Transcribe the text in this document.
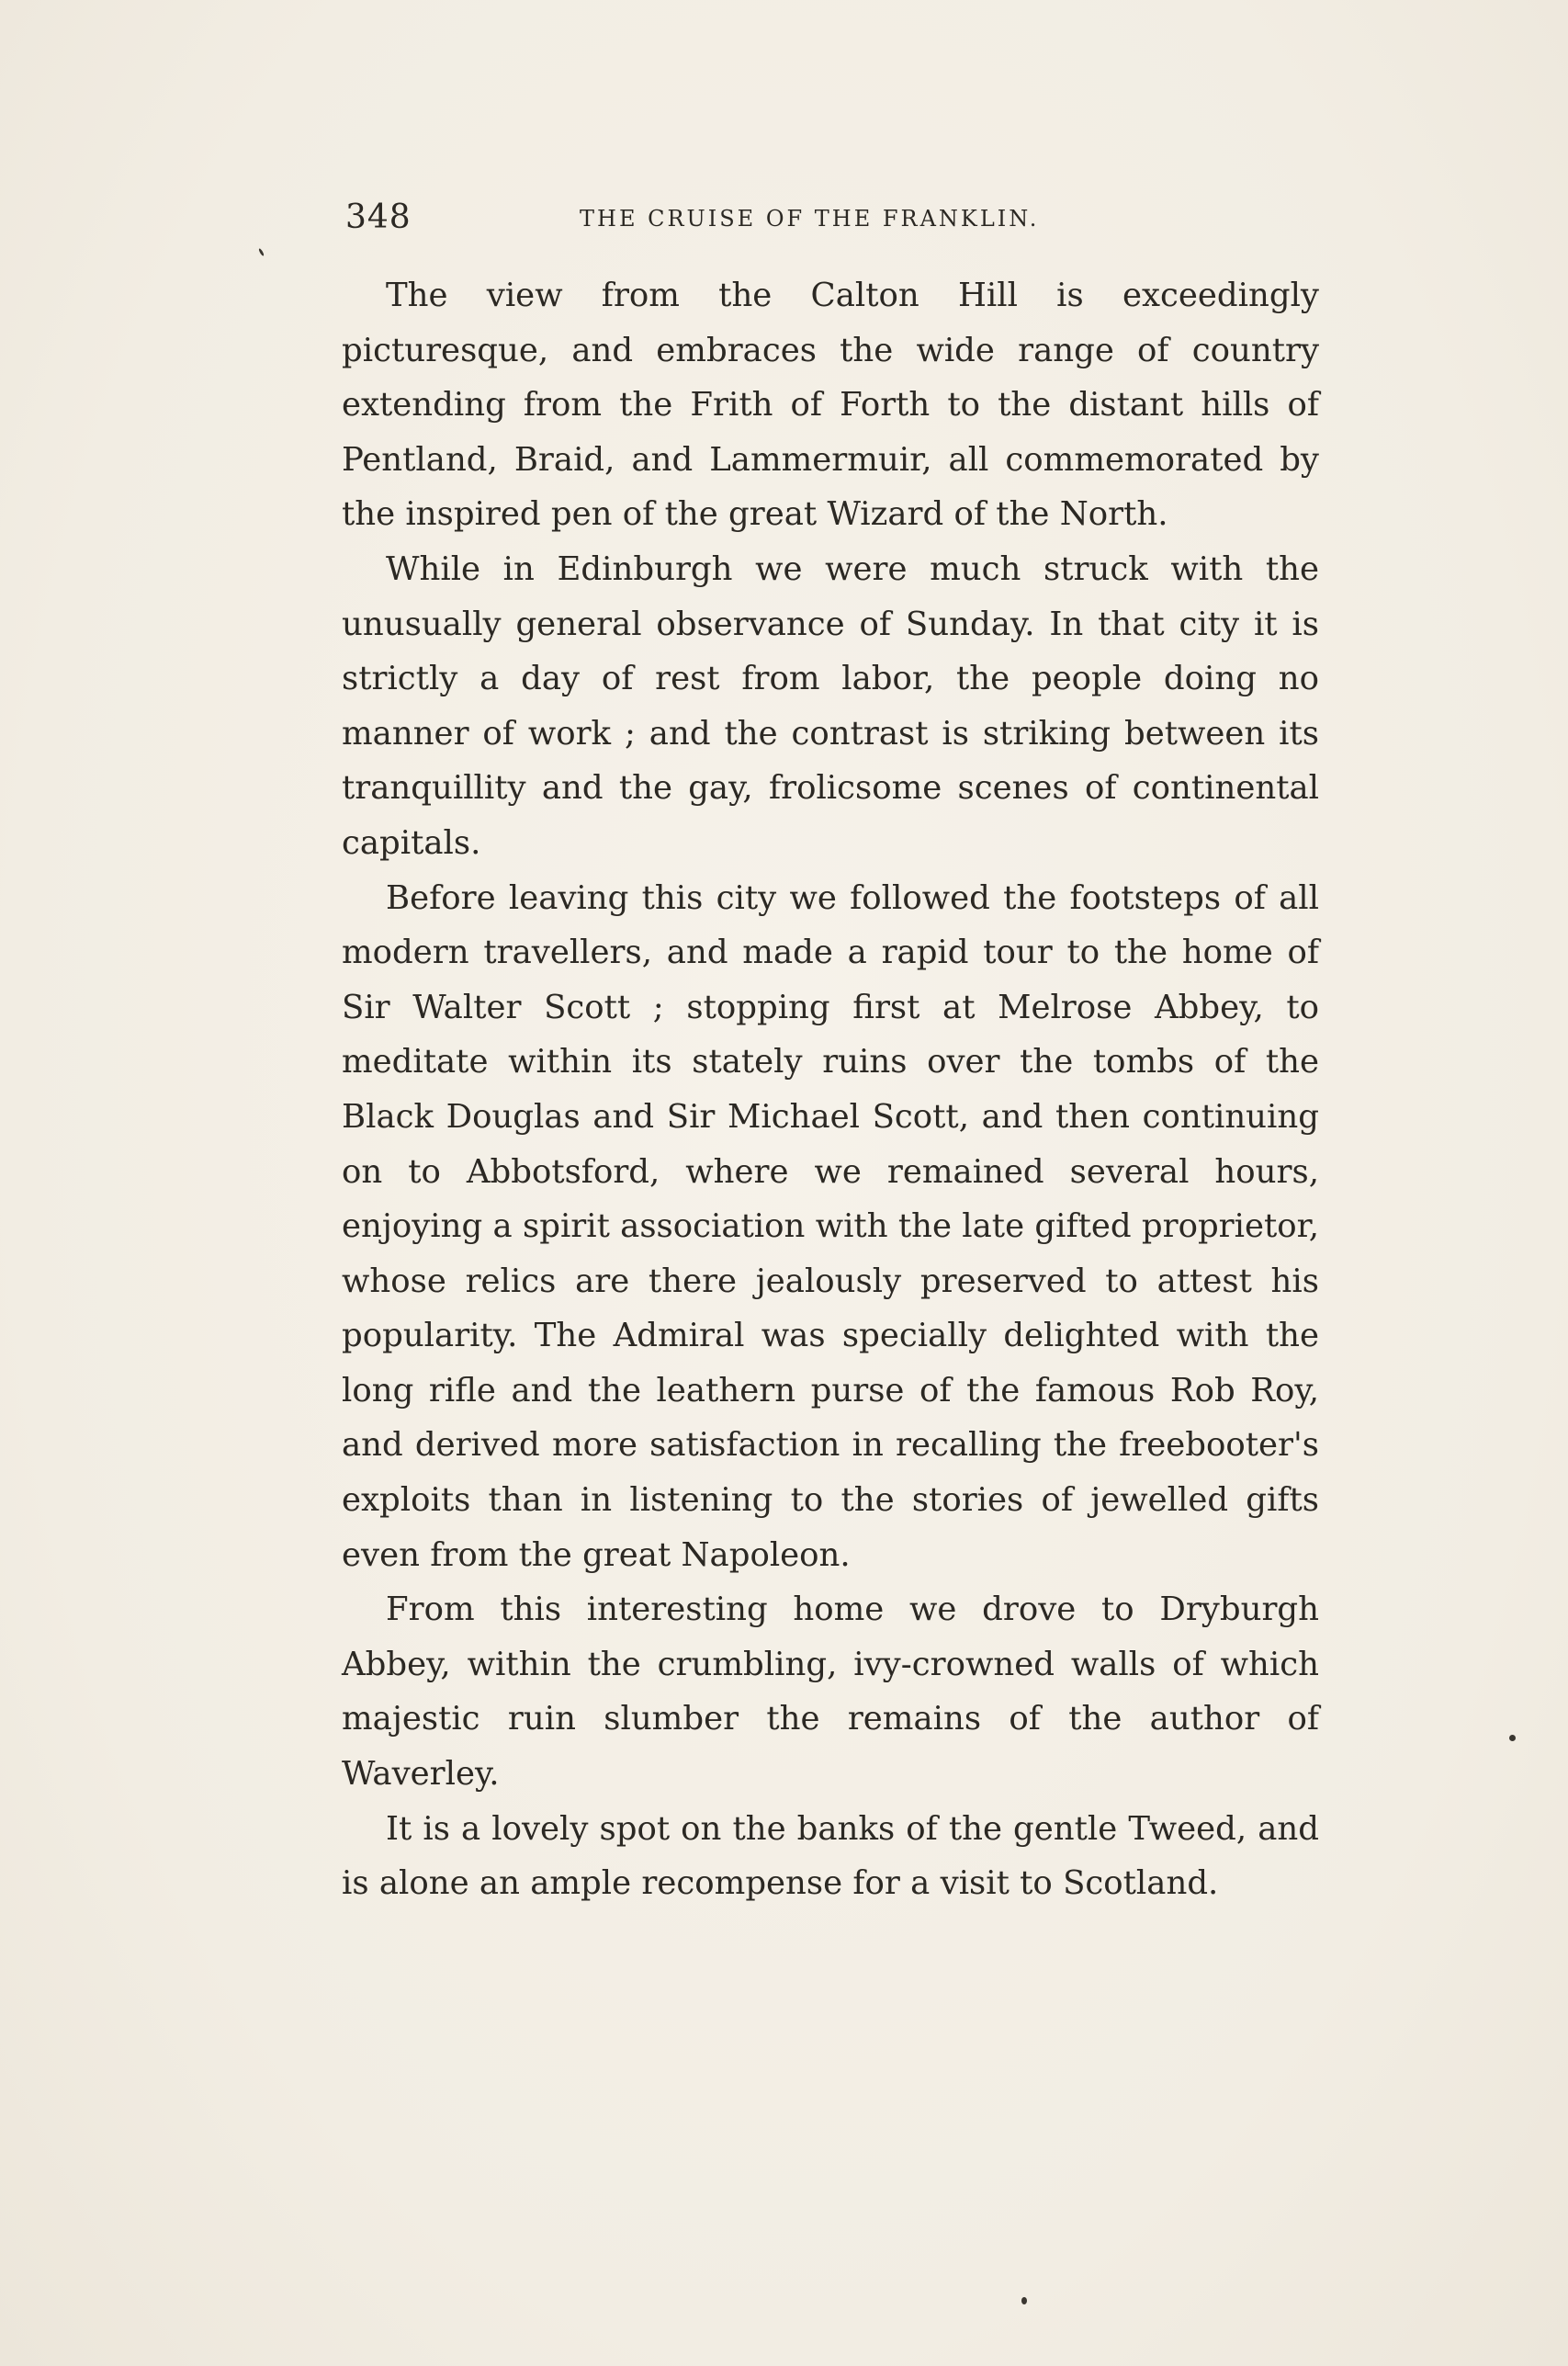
348	THE CRUISE OF THE FRANKLIN.

The view from the Calton Hill is exceedingly picturesque, and embraces the wide range of country extending from the Frith of Forth to the distant hills of Pentland, Braid, and Lammermuir, all commemorated by the inspired pen of the great Wizard of the North.

While in Edinburgh we were much struck with the unusually general observance of Sunday. In that city it is strictly a day of rest from labor, the people doing no manner of work ; and the contrast is striking between its tranquillity and the gay, frolicsome scenes of continental capitals.

Before leaving this city we followed the footsteps of all modern travellers, and made a rapid tour to the home of Sir Walter Scott ; stopping first at Melrose Abbey, to meditate within its stately ruins over the tombs of the Black Douglas and Sir Michael Scott, and then continuing on to Abbotsford, where we remained several hours, enjoying a spirit association with the late gifted proprietor, whose relics are there jealously preserved to attest his popularity. The Admiral was specially delighted with the long rifle and the leathern purse of the famous Rob Roy, and derived more satisfaction in recalling the freebooter's exploits than in listening to the stories of jewelled gifts even from the great Napoleon.

From this interesting home we drove to Dryburgh Abbey, within the crumbling, ivy-crowned walls of which majestic ruin slumber the remains of the author of Waverley.

It is a lovely spot on the banks of the gentle Tweed, and is alone an ample recompense for a visit to Scotland.
